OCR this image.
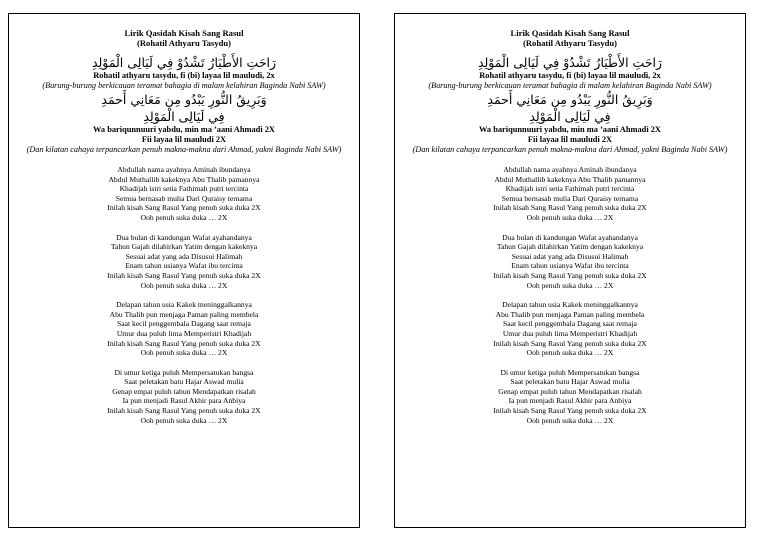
Lirik Qasidah Kisah Sang Rasul
(Rohatil Athyaru Tasydu)
رَاحَتِ الأَطْيَارُ تَشْدُوْ فِي لَيَالِى الْمَوْلِدِ
Rohatil athyaru tasydu, fi (bi) layaa lil mauludi, 2x
(Burung-burung berkicauan teramat bahagia di malam kelahiran Baginda Nabi SAW)
وَبَرِيقُ النُّورِ يَبْدُو مِن مَعَانِي أَحمَدِ
فِي لَيَالِى الْمَوْلِدِ
Wa bariqunnuuri yabdu, min ma ’aani Ahmadi 2X
Fii layaa lil mauludi 2X
(Dan kilatan cahaya terpancarkan penuh makna-makna dari Ahmad, yakni Baginda Nabi SAW)
Abdullah nama ayahnya Aminah ibundanya
Abdul Muthallib kakeknya Abu Thalib pamannya
Khadijah istri setia Fathimah putri tercinta
Semua bernasab mulia Dari Quraisy ternama
Inilah kisah Sang Rasul Yang penuh suka duka 2X
Ooh penuh suka duka … 2X
Dua bulan di kandungan Wafat ayahandanya
Tahun Gajah dilahirkan Yatim dengan kakeknya
Sesuai adat yang ada Disusui Halimah
Enam tahun usianya Wafat ibu tercinta
Inilah kisah Sang Rasul Yang penuh suka duka 2X
Ooh penuh suka duka … 2X
Delapan tahun usia Kakek meninggalkannya
Abu Thalib pun menjaga Paman paling membela
Saat kecil penggembala Dagang saat remaja
Umur dua puluh lima Memperistri Khadijah
Inilah kisah Sang Rasul Yang penuh suka duka 2X
Ooh penuh suka duka … 2X
Di umur ketiga puluh Mempersatukan bangsa
Saat peletakan batu Hajar Aswad mulia
Genap empat puluh tahun Mendapatkan risalah
Ia pun menjadi Rasul Akhir para Anbiya
Inilah kisah Sang Rasul Yang penuh suka duka 2X
Ooh penuh suka duka … 2X
Lirik Qasidah Kisah Sang Rasul
(Rohatil Athyaru Tasydu)
رَاحَتِ الأَطْيَارُ تَشْدُوْ فِي لَيَالِى الْمَوْلِدِ
Rohatil athyaru tasydu, fi (bi) layaa lil mauludi, 2x
(Burung-burung berkicauan teramat bahagia di malam kelahiran Baginda Nabi SAW)
وَبَرِيقُ النُّورِ يَبْدُو مِن مَعَانِي أَحمَدِ
فِي لَيَالِى الْمَوْلِدِ
Wa bariqunnuuri yabdu, min ma ’aani Ahmadi 2X
Fii layaa lil mauludi 2X
(Dan kilatan cahaya terpancarkan penuh makna-makna dari Ahmad, yakni Baginda Nabi SAW)
Abdullah nama ayahnya Aminah ibundanya
Abdul Muthallib kakeknya Abu Thalib pamannya
Khadijah istri setia Fathimah putri tercinta
Semua bernasab mulia Dari Quraisy ternama
Inilah kisah Sang Rasul Yang penuh suka duka 2X
Ooh penuh suka duka … 2X
Dua bulan di kandungan Wafat ayahandanya
Tahun Gajah dilahirkan Yatim dengan kakeknya
Sesuai adat yang ada Disusui Halimah
Enam tahun usianya Wafat ibu tercinta
Inilah kisah Sang Rasul Yang penuh suka duka 2X
Ooh penuh suka duka … 2X
Delapan tahun usia Kakek meninggalkannya
Abu Thalib pun menjaga Paman paling membela
Saat kecil penggembala Dagang saat remaja
Umur dua puluh lima Memperistri Khadijah
Inilah kisah Sang Rasul Yang penuh suka duka 2X
Ooh penuh suka duka … 2X
Di umur ketiga puluh Mempersatukan bangsa
Saat peletakan batu Hajar Aswad mulia
Genap empat puluh tahun Mendapatkan risalah
Ia pun menjadi Rasul Akhir para Anbiya
Inilah kisah Sang Rasul Yang penuh suka duka 2X
Ooh penuh suka duka … 2X
